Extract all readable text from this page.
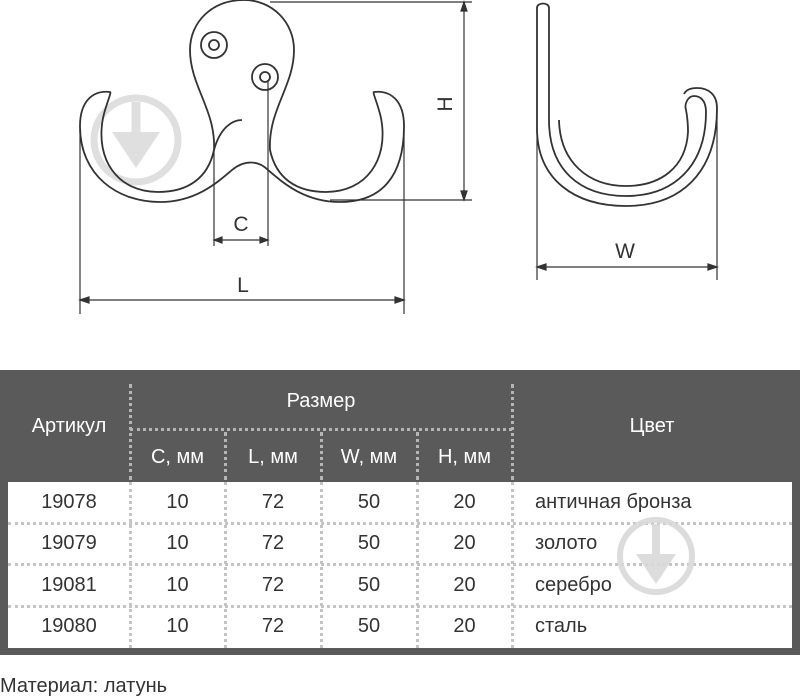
C
L
H
W
Артикул
Размер
Цвет
C, мм	L, мм	W, мм	H, мм
19078	10	72	50	20	античная бронза
19079	10	72	50	20	золото
19081	10	72	50	20	серебро
19080	10	72	50	20	сталь
Материал: латунь
